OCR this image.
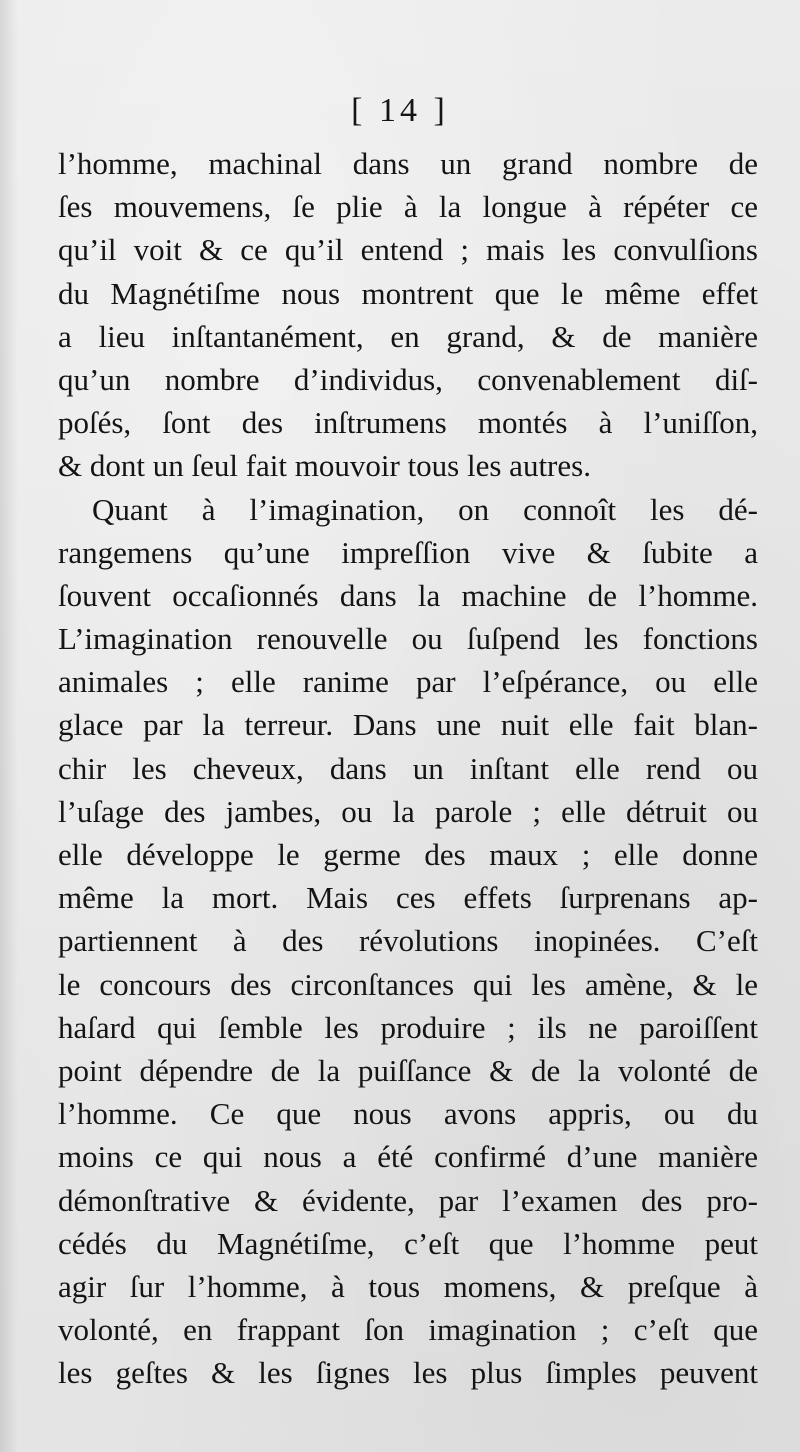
[ 14 ]
l’homme, machinal dans un grand nombre de
ſes mouvemens, ſe plie à la longue à répéter ce
qu’il voit & ce qu’il entend ; mais les convulſions
du Magnétiſme nous montrent que le même effet
a lieu inſtantanément, en grand, & de manière
qu’un nombre d’individus, convenablement diſ-
poſés, ſont des inſtrumens montés à l’uniſſon,
& dont un ſeul fait mouvoir tous les autres.
Quant à l’imagination, on connoît les dé-
rangemens qu’une impreſſion vive & ſubite a
ſouvent occaſionnés dans la machine de l’homme.
L’imagination renouvelle ou ſuſpend les fonctions
animales ; elle ranime par l’eſpérance, ou elle
glace par la terreur. Dans une nuit elle fait blan-
chir les cheveux, dans un inſtant elle rend ou
l’uſage des jambes, ou la parole ; elle détruit ou
elle développe le germe des maux ; elle donne
même la mort. Mais ces effets ſurprenans ap-
partiennent à des révolutions inopinées. C’eſt
le concours des circonſtances qui les amène, & le
haſard qui ſemble les produire ; ils ne paroiſſent
point dépendre de la puiſſance & de la volonté de
l’homme. Ce que nous avons appris, ou du
moins ce qui nous a été confirmé d’une manière
démonſtrative & évidente, par l’examen des pro-
cédés du Magnétiſme, c’eſt que l’homme peut
agir ſur l’homme, à tous momens, & preſque à
volonté, en frappant ſon imagination ; c’eſt que
les geſtes & les ſignes les plus ſimples peuvent
